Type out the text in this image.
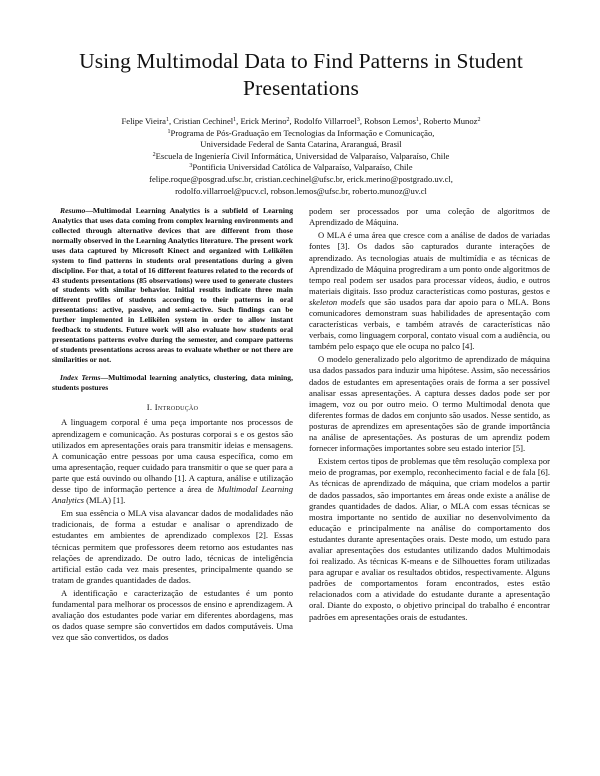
Using Multimodal Data to Find Patterns in Student Presentations
Felipe Vieira$^1$, Cristian Cechinel$^1$, Erick Merino$^2$, Rodolfo Villarroel$^3$, Robson Lemos$^1$, Roberto Munoz$^2$
$^1$Programa de Pós-Graduação em Tecnologias da Informação e Comunicação,
Universidade Federal de Santa Catarina, Araranguá, Brasil
$^2$Escuela de Ingeniería Civil Informática, Universidad de Valparaíso, Valparaíso, Chile
$^3$Pontificia Universidad Católica de Valparaíso, Valparaíso, Chile
felipe.roque@posgrad.ufsc.br, cristian.cechinel@ufsc.br, erick.merino@postgrado.uv.cl,
rodolfo.villarroel@pucv.cl, robson.lemos@ufsc.br, roberto.munoz@uv.cl

Resumo—Multimodal Learning Analytics is a subfield of Learning Analytics that uses data coming from complex learning environments and collected through alternative devices that are different from those normally observed in the Learning Analytics literature. The present work uses data captured by Microsoft Kinect and organized with Lelikëlen system to find patterns in students oral presentations during a given discipline. For that, a total of 16 different features related to the records of 43 students presentations (85 observations) were used to generate clusters of students with similar behavior. Initial results indicate three main different profiles of students according to their patterns in oral presentations: active, passive, and semi-active. Such findings can be further implemented in Lelikëlen system in order to allow instant feedback to students. Future work will also evaluate how students oral presentations patterns evolve during the semester, and compare patterns of students presentations across areas to evaluate whether or not there are similarities or not.

Index Terms—Multimodal learning analytics, clustering, data mining, students postures

I. Introdução

A linguagem corporal é uma peça importante nos processos de aprendizagem e comunicação. As posturas corporai s e os gestos são utilizados em apresentações orais para transmitir ideias e mensagens. A comunicação entre pessoas por uma causa específica, como em uma apresentação, requer cuidado para transmitir o que se quer para a parte que está ouvindo ou olhando [1]. A captura, análise e utilização desse tipo de informação pertence a área de Multimodal Learning Analytics (MLA) [1].

Em sua essência o MLA visa alavancar dados de modalidades não tradicionais, de forma a estudar e analisar o aprendizado de estudantes em ambientes de aprendizado complexos [2]. Essas técnicas permitem que professores deem retorno aos estudantes nas relações de aprendizado. De outro lado, técnicas de inteligência artificial estão cada vez mais presentes, principalmente quando se tratam de grandes quantidades de dados.

A identificação e caracterização de estudantes é um ponto fundamental para melhorar os processos de ensino e aprendizagem. A avaliação dos estudantes pode variar em diferentes abordagens, mas os dados quase sempre são convertidos em dados computáveis. Uma vez que são convertidos, os dados

podem ser processados por uma coleção de algoritmos de Aprendizado de Máquina.

O MLA é uma área que cresce com a análise de dados de variadas fontes [3]. Os dados são capturados durante interações de aprendizado. As tecnologias atuais de multimídia e as técnicas de Aprendizado de Máquina progrediram a um ponto onde algoritmos de tempo real podem ser usados para processar vídeos, áudio, e outros materiais digitais. Isso produz características como posturas, gestos e skeleton models que são usados para dar apoio para o MLA. Bons comunicadores demonstram suas habilidades de apresentação com características verbais, e também através de características não verbais, como linguagem corporal, contato visual com a audiência, ou também pelo espaço que ele ocupa no palco [4].

O modelo generalizado pelo algoritmo de aprendizado de máquina usa dados passados para induzir uma hipótese. Assim, são necessários dados de estudantes em apresentações orais de forma a ser possível analisar essas apresentações. A captura desses dados pode ser por imagem, voz ou por outro meio. O termo Multimodal denota que diferentes formas de dados em conjunto são usados. Nesse sentido, as posturas de aprendizes em apresentações são de grande importância na análise de apresentações. As posturas de um aprendiz podem fornecer informações importantes sobre seu estado interior [5].

Existem certos tipos de problemas que têm resolução complexa por meio de programas, por exemplo, reconhecimento facial e de fala [6]. As técnicas de aprendizado de máquina, que criam modelos a partir de dados passados, são importantes em áreas onde existe a análise de grandes quantidades de dados. Aliar, o MLA com essas técnicas se mostra importante no sentido de auxiliar no desenvolvimento da educação e principalmente na análise do comportamento dos estudantes durante apresentações orais. Deste modo, um estudo para avaliar apresentações dos estudantes utilizando dados Multimodais foi realizado. As técnicas K-means e de Silhouettes foram utilizadas para agrupar e avaliar os resultados obtidos, respectivamente. Alguns padrões de comportamentos foram encontrados, estes estão relacionados com a atividade do estudante durante a apresentação oral. Diante do exposto, o objetivo principal do trabalho é encontrar padrões em apresentações orais de estudantes.
